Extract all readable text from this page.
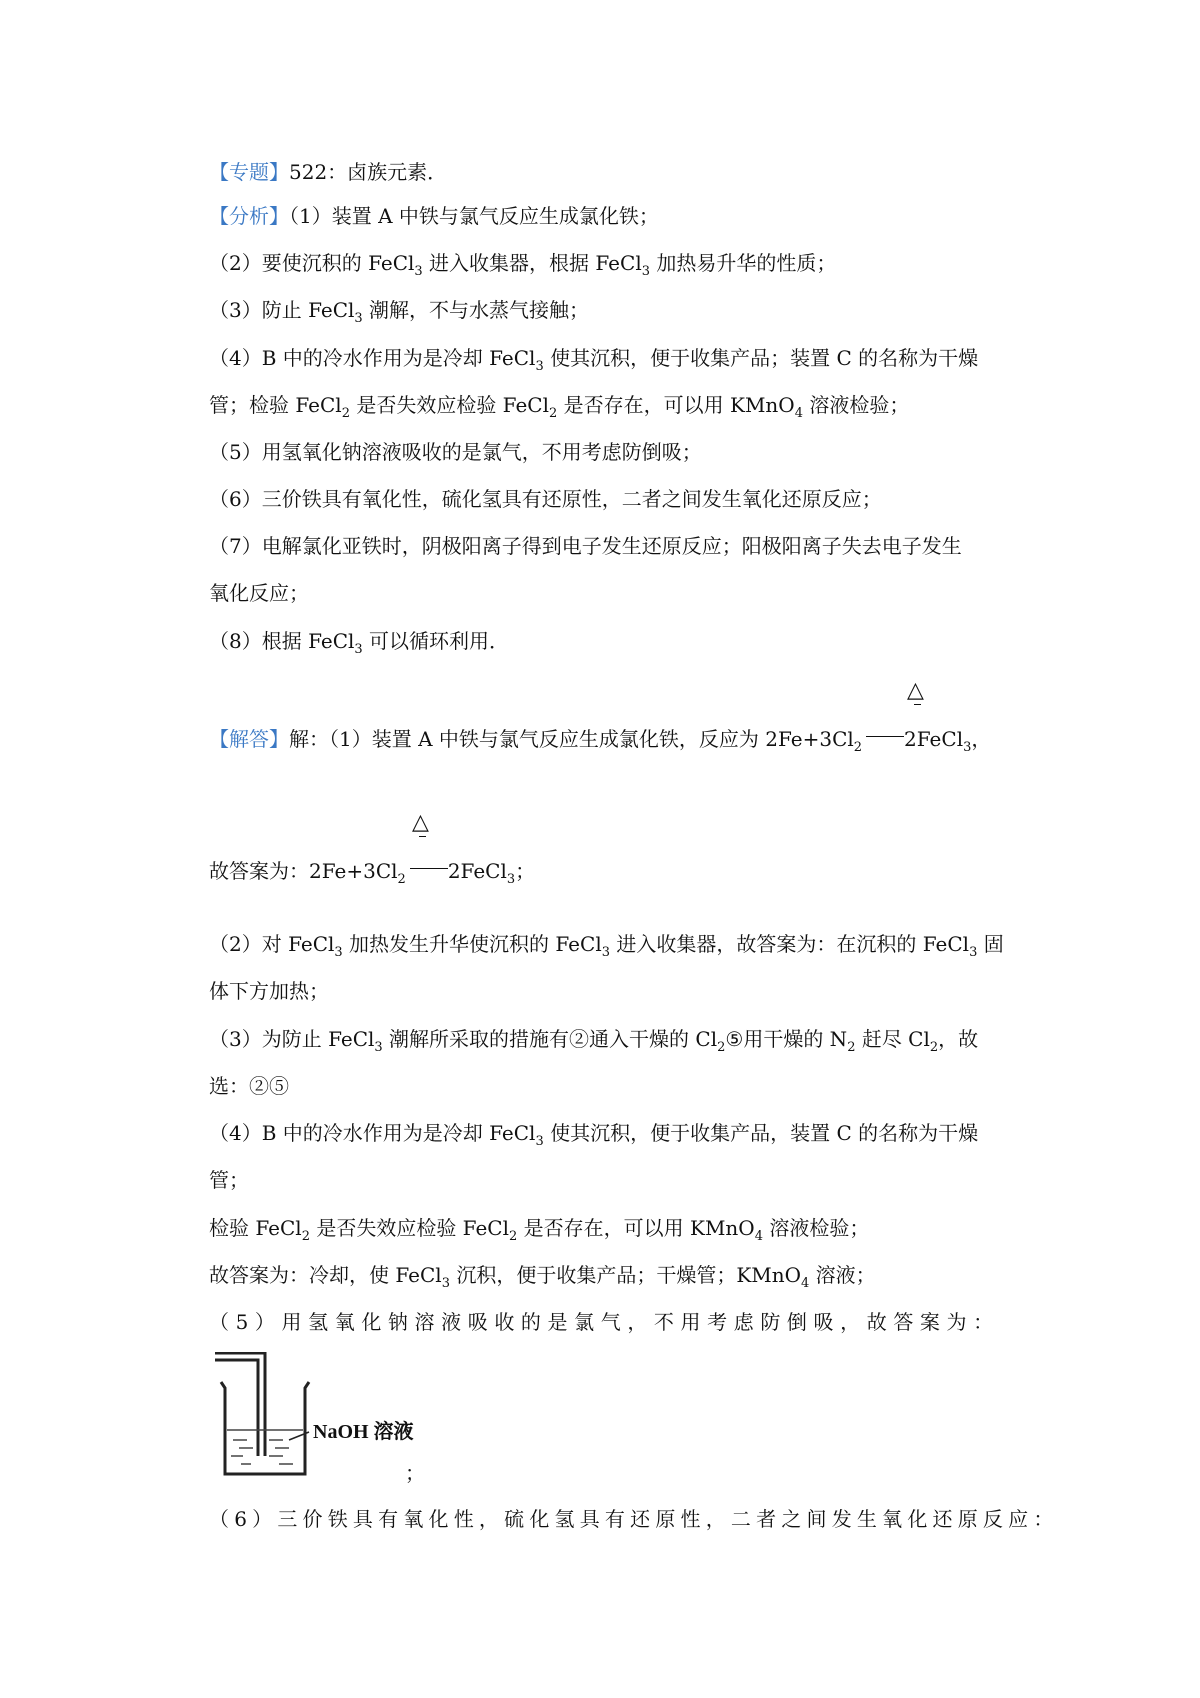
【专题】522：卤族元素．
【分析】（1）装置 A 中铁与氯气反应生成氯化铁；
（2）要使沉积的 FeCl$_3$ 进入收集器，根据 FeCl$_3$ 加热易升华的性质；
（3）防止 FeCl$_3$ 潮解，不与水蒸气接触；
（4）B 中的冷水作用为是冷却 FeCl$_3$ 使其沉积，便于收集产品；装置 C 的名称为干燥
管；检验 FeCl$_2$ 是否失效应检验 FeCl$_2$ 是否存在，可以用 KMnO$_4$ 溶液检验；
（5）用氢氧化钠溶液吸收的是氯气，不用考虑防倒吸；
（6）三价铁具有氧化性，硫化氢具有还原性，二者之间发生氧化还原反应；
（7）电解氯化亚铁时，阴极阳离子得到电子发生还原反应；阳极阳离子失去电子发生
氧化反应；
（8）根据 FeCl$_3$ 可以循环利用．
△
【解答】解：（1）装置 A 中铁与氯气反应生成氯化铁，反应为 $2Fe+3Cl_2$ 2FeCl$_3$，
△
故答案为：$2Fe+3Cl_2$ 2FeCl$_3$；
（2）对 FeCl$_3$ 加热发生升华使沉积的 FeCl$_3$ 进入收集器，故答案为：在沉积的 FeCl$_3$ 固
体下方加热；
（3）为防止 FeCl$_3$ 潮解所采取的措施有②通入干燥的 $Cl_2⑤$用干燥的 $N_2$ 赶尽 $Cl_2$，故
选：②⑤
（4）B 中的冷水作用为是冷却 FeCl$_3$ 使其沉积，便于收集产品，装置 C 的名称为干燥
管；
检验 FeCl$_2$ 是否失效应检验 FeCl$_2$ 是否存在，可以用 KMnO$_4$ 溶液检验；
故答案为：冷却，使 FeCl$_3$ 沉积，便于收集产品；干燥管；KMnO$_4$ 溶液；
（5）用氢氧化钠溶液吸收的是氯气，不用考虑防倒吸，故答案为：
NaOH 溶液
；
（6）三价铁具有氧化性，硫化氢具有还原性，二者之间发生氧化还原反应：
